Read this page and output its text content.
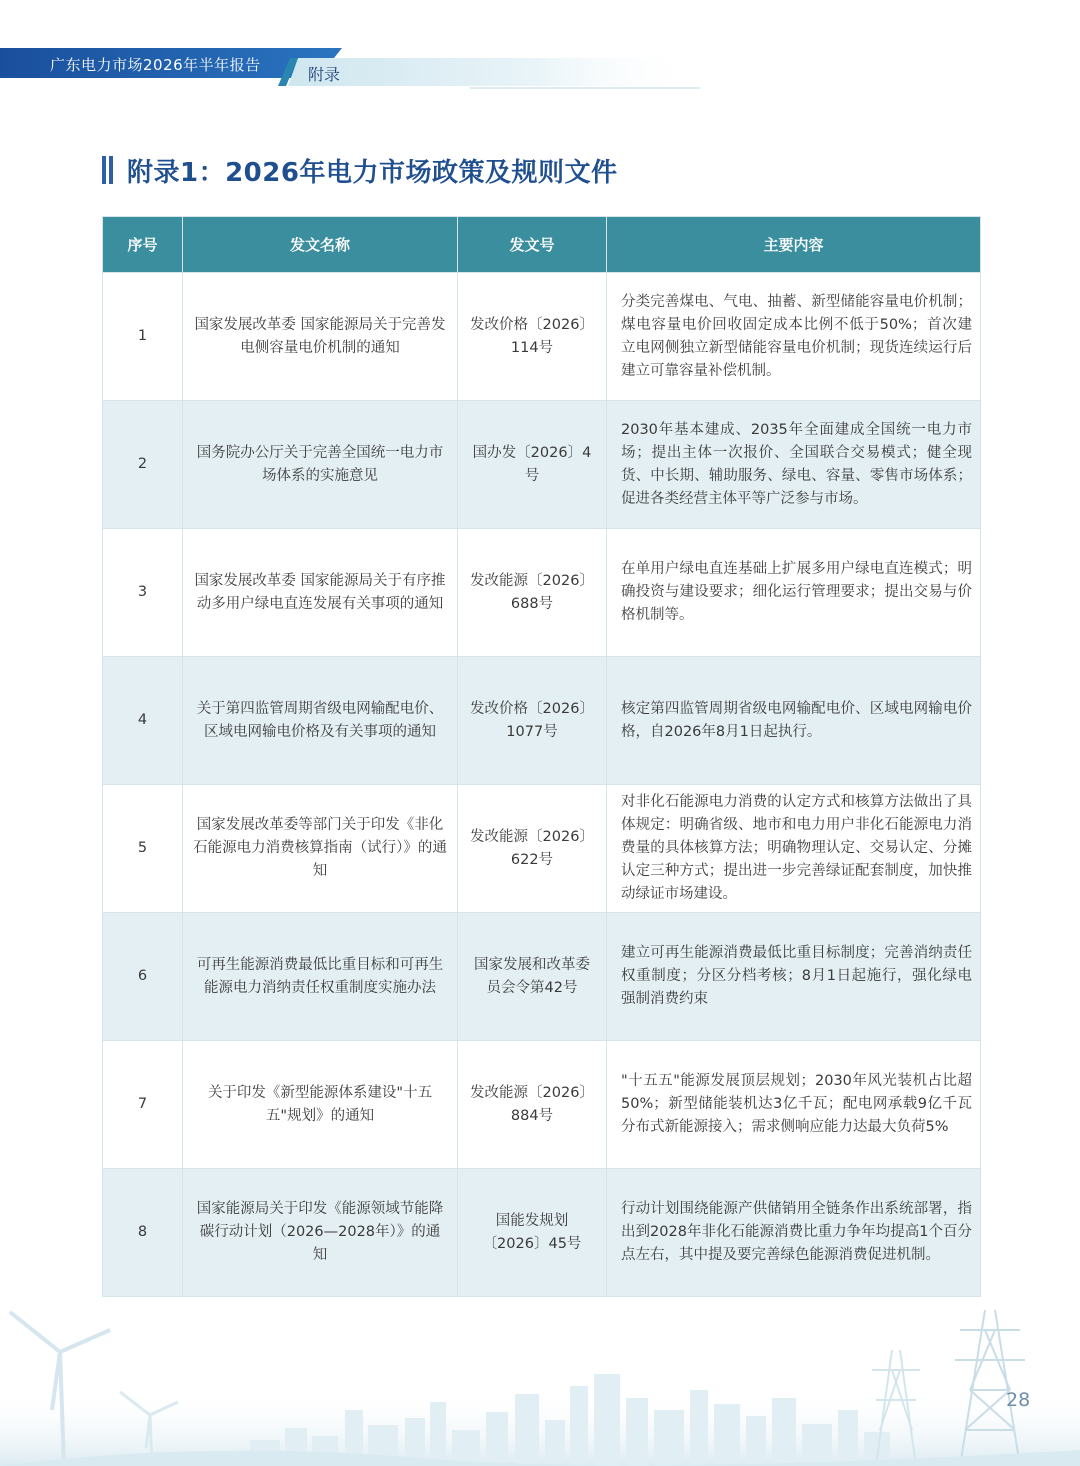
广东电力市场2026年半年报告	附录
附录1：2026年电力市场政策及规则文件
序号	发文名称	发文号	主要内容
1	国家发展改革委 国家能源局关于完善发电侧容量电价机制的通知	发改价格〔2026〕114号	分类完善煤电、气电、抽蓄、新型储能容量电价机制；煤电容量电价回收固定成本比例不低于50%；首次建立电网侧独立新型储能容量电价机制；现货连续运行后建立可靠容量补偿机制。
2	国务院办公厅关于完善全国统一电力市场体系的实施意见	国办发〔2026〕4号	2030年基本建成、2035年全面建成全国统一电力市场；提出主体一次报价、全国联合交易模式；健全现货、中长期、辅助服务、绿电、容量、零售市场体系；促进各类经营主体平等广泛参与市场。
3	国家发展改革委 国家能源局关于有序推动多用户绿电直连发展有关事项的通知	发改能源〔2026〕688号	在单用户绿电直连基础上扩展多用户绿电直连模式；明确投资与建设要求；细化运行管理要求；提出交易与价格机制等。
4	关于第四监管周期省级电网输配电价、区域电网输电价格及有关事项的通知	发改价格〔2026〕1077号	核定第四监管周期省级电网输配电价、区域电网输电价格，自2026年8月1日起执行。
5	国家发展改革委等部门关于印发《非化石能源电力消费核算指南（试行）》的通知	发改能源〔2026〕622号	对非化石能源电力消费的认定方式和核算方法做出了具体规定：明确省级、地市和电力用户非化石能源电力消费量的具体核算方法；明确物理认定、交易认定、分摊认定三种方式；提出进一步完善绿证配套制度，加快推动绿证市场建设。
6	可再生能源消费最低比重目标和可再生能源电力消纳责任权重制度实施办法	国家发展和改革委员会令第42号	建立可再生能源消费最低比重目标制度；完善消纳责任权重制度；分区分档考核；8月1日起施行，强化绿电强制消费约束
7	关于印发《新型能源体系建设"十五五"规划》的通知	发改能源〔2026〕884号	"十五五"能源发展顶层规划；2030年风光装机占比超50%；新型储能装机达3亿千瓦；配电网承载9亿千瓦分布式新能源接入；需求侧响应能力达最大负荷5%
8	国家能源局关于印发《能源领域节能降碳行动计划（2026—2028年）》的通知	国能发规划〔2026〕45号	行动计划围绕能源产供储销用全链条作出系统部署，指出到2028年非化石能源消费比重力争年均提高1个百分点左右，其中提及要完善绿色能源消费促进机制。
28
